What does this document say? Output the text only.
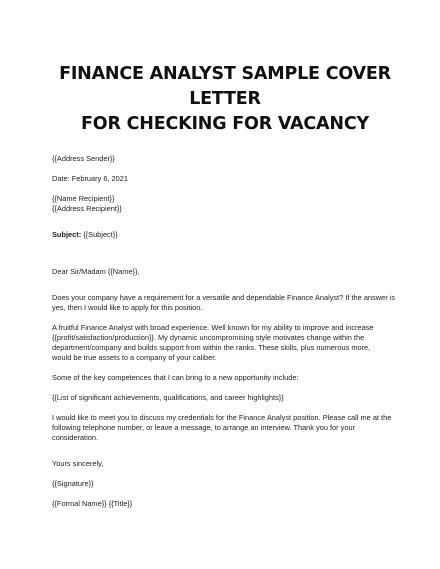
FINANCE ANALYST SAMPLE COVER LETTER
FOR CHECKING FOR VACANCY

{{Address Sender}}

Date: February 6, 2021

{{Name Recipient}}

{{Address Recipient}}

Subject: {{Subject}}

Dear Sir/Madam {{Name}},

Does your company have a requirement for a versatile and dependable Finance Analyst? If the answer is
yes, then I would like to apply for this position.
A fruitful Finance Analyst with broad experience. Well known for my ability to improve and increase
{{profit/satisfaction/production}}. My dynamic uncompromising style motivates change within the
department/company and builds support from within the ranks. These skills, plus numerous more,
would be true assets to a company of your caliber.
Some of the key competences that I can bring to a new opportunity include:
{{List of significant achievements, qualifications, and career highlights}}
I would like to meet you to discuss my credentials for the Finance Analyst position. Please call me at the
following telephone number, or leave a message, to arrange an interview. Thank you for your
consideration.

Yours sincerely,

{{Signature}}

{{Formal Name}} {{Title}}
